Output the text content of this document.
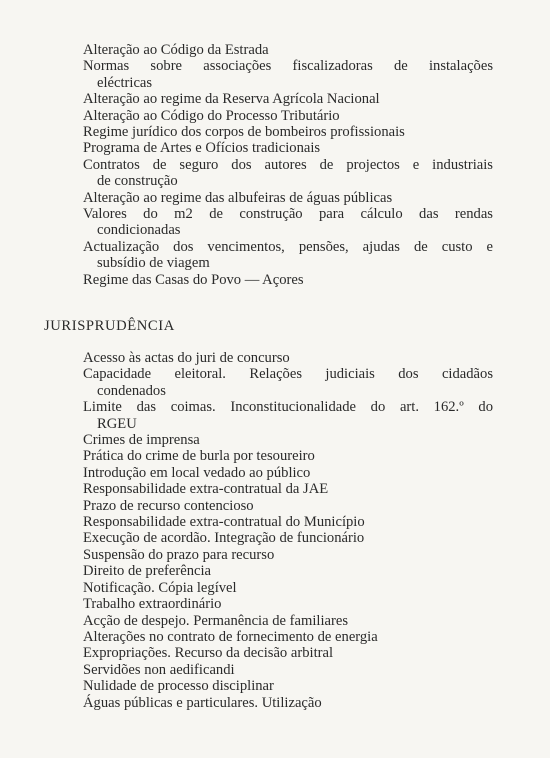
Alteração ao Código da Estrada
Normas sobre associações fiscalizadoras de instalações
eléctricas
Alteração ao regime da Reserva Agrícola Nacional
Alteração ao Código do Processo Tributário
Regime jurídico dos corpos de bombeiros profissionais
Programa de Artes e Ofícios tradicionais
Contratos de seguro dos autores de projectos e industriais
de construção
Alteração ao regime das albufeiras de águas públicas
Valores do m2 de construção para cálculo das rendas
condicionadas
Actualização dos vencimentos, pensões, ajudas de custo e
subsídio de viagem
Regime das Casas do Povo — Açores
JURISPRUDÊNCIA
Acesso às actas do juri de concurso
Capacidade eleitoral. Relações judiciais dos cidadãos
condenados
Limite das coimas. Inconstitucionalidade do art. 162.º do
RGEU
Crimes de imprensa
Prática do crime de burla por tesoureiro
Introdução em local vedado ao público
Responsabilidade extra-contratual da JAE
Prazo de recurso contencioso
Responsabilidade extra-contratual do Município
Execução de acordão. Integração de funcionário
Suspensão do prazo para recurso
Direito de preferência
Notificação. Cópia legível
Trabalho extraordinário
Acção de despejo. Permanência de familiares
Alterações no contrato de fornecimento de energia
Expropriações. Recurso da decisão arbitral
Servidões non aedificandi
Nulidade de processo disciplinar
Águas públicas e particulares. Utilização
